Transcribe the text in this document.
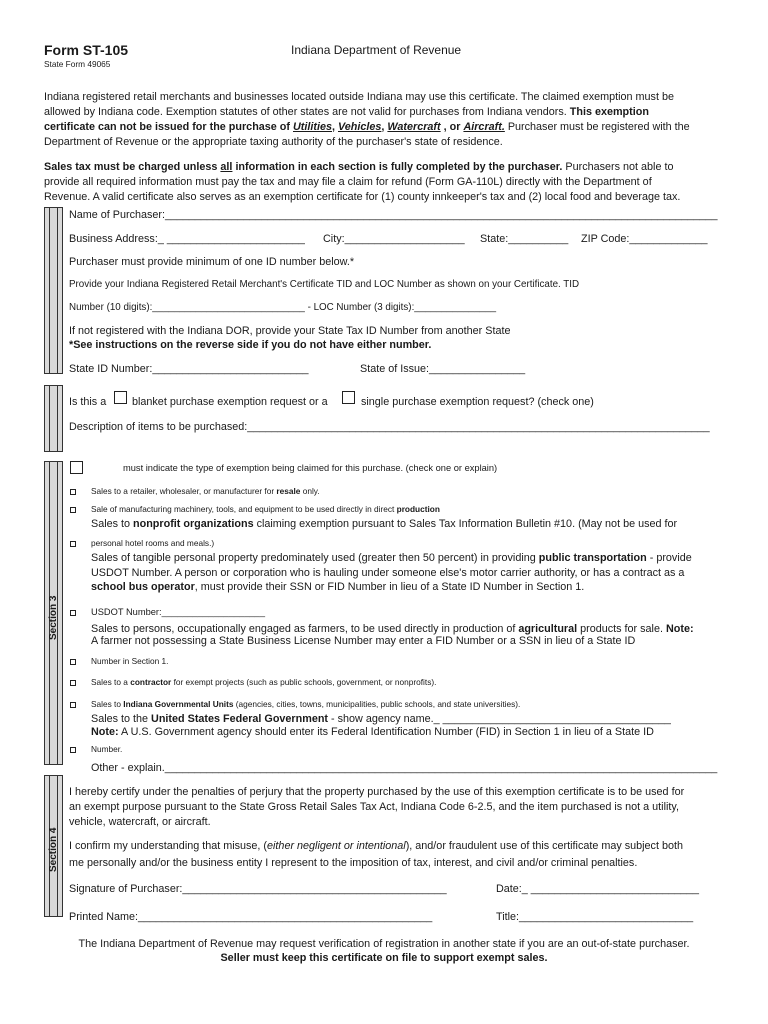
Form ST-105
State Form 49065
Indiana Department of Revenue
Indiana registered retail merchants and businesses located outside Indiana may use this certificate. The claimed exemption must be
allowed by Indiana code. Exemption statutes of other states are not valid for purchases from Indiana vendors. This exemption
certificate can not be issued for the purchase of Utilities, Vehicles, Watercraft , or Aircraft. Purchaser must be registered with the
Department of Revenue or the appropriate taxing authority of the purchaser's state of residence.
Sales tax must be charged unless all information in each section is fully completed by the purchaser. Purchasers not able to
provide all required information must pay the tax and may file a claim for refund (Form GA-110L) directly with the Department of
Revenue. A valid certificate also serves as an exemption certificate for (1) county innkeeper's tax and (2) local food and beverage tax.
Name of Purchaser:____________________________________________________________________________________________
Business Address:_ _______________________ City:____________________ State:__________ ZIP Code:_____________
Purchaser must provide minimum of one ID number below.*
Provide your Indiana Registered Retail Merchant's Certificate TID and LOC Number as shown on your Certificate. TID
Number (10 digits):____________________________ - LOC Number (3 digits):_______________
If not registered with the Indiana DOR, provide your State Tax ID Number from another State
*See instructions on the reverse side if you do not have either number.
State ID Number:__________________________	State of Issue:________________
Is this a blanket purchase exemption request or a	single purchase exemption request? (check one)
Description of items to be purchased:_____________________________________________________________________________
Section 3
must indicate the type of exemption being claimed for this purchase. (check one or explain)
Sales to a retailer, wholesaler, or manufacturer for resale only.
Sale of manufacturing machinery, tools, and equipment to be used directly in direct production
Sales to nonprofit organizations claiming exemption pursuant to Sales Tax Information Bulletin #10. (May not be used for
personal hotel rooms and meals.)
Sales of tangible personal property predominately used (greater then 50 percent) in providing public transportation - provide
USDOT Number. A person or corporation who is hauling under someone else's motor carrier authority, or has a contract as a
school bus operator, must provide their SSN or FID Number in lieu of a State ID Number in Section 1.
USDOT Number:____________________
Sales to persons, occupationally engaged as farmers, to be used directly in production of agricultural products for sale. Note:
A farmer not possessing a State Business License Number may enter a FID Number or a SSN in lieu of a State ID
Number in Section 1.
Sales to a contractor for exempt projects (such as public schools, government, or nonprofits).
Sales to Indiana Governmental Units (agencies, cities, towns, municipalities, public schools, and state universities).
Sales to the United States Federal Government - show agency name._ ______________________________________
Note: A U.S. Government agency should enter its Federal Identification Number (FID) in Section 1 in lieu of a State ID
Number.
Other - explain.____________________________________________________________________________________________
Section 4
I hereby certify under the penalties of perjury that the property purchased by the use of this exemption certificate is to be used for
an exempt purpose pursuant to the State Gross Retail Sales Tax Act, Indiana Code 6-2.5, and the item purchased is not a utility,
vehicle, watercraft, or aircraft.
I confirm my understanding that misuse, (either negligent or intentional), and/or fraudulent use of this certificate may subject both
me personally and/or the business entity I represent to the imposition of tax, interest, and civil and/or criminal penalties.
Signature of Purchaser:____________________________________________	Date:_ ____________________________
Printed Name:_________________________________________________	Title:_____________________________
The Indiana Department of Revenue may request verification of registration in another state if you are an out-of-state purchaser.
Seller must keep this certificate on file to support exempt sales.
